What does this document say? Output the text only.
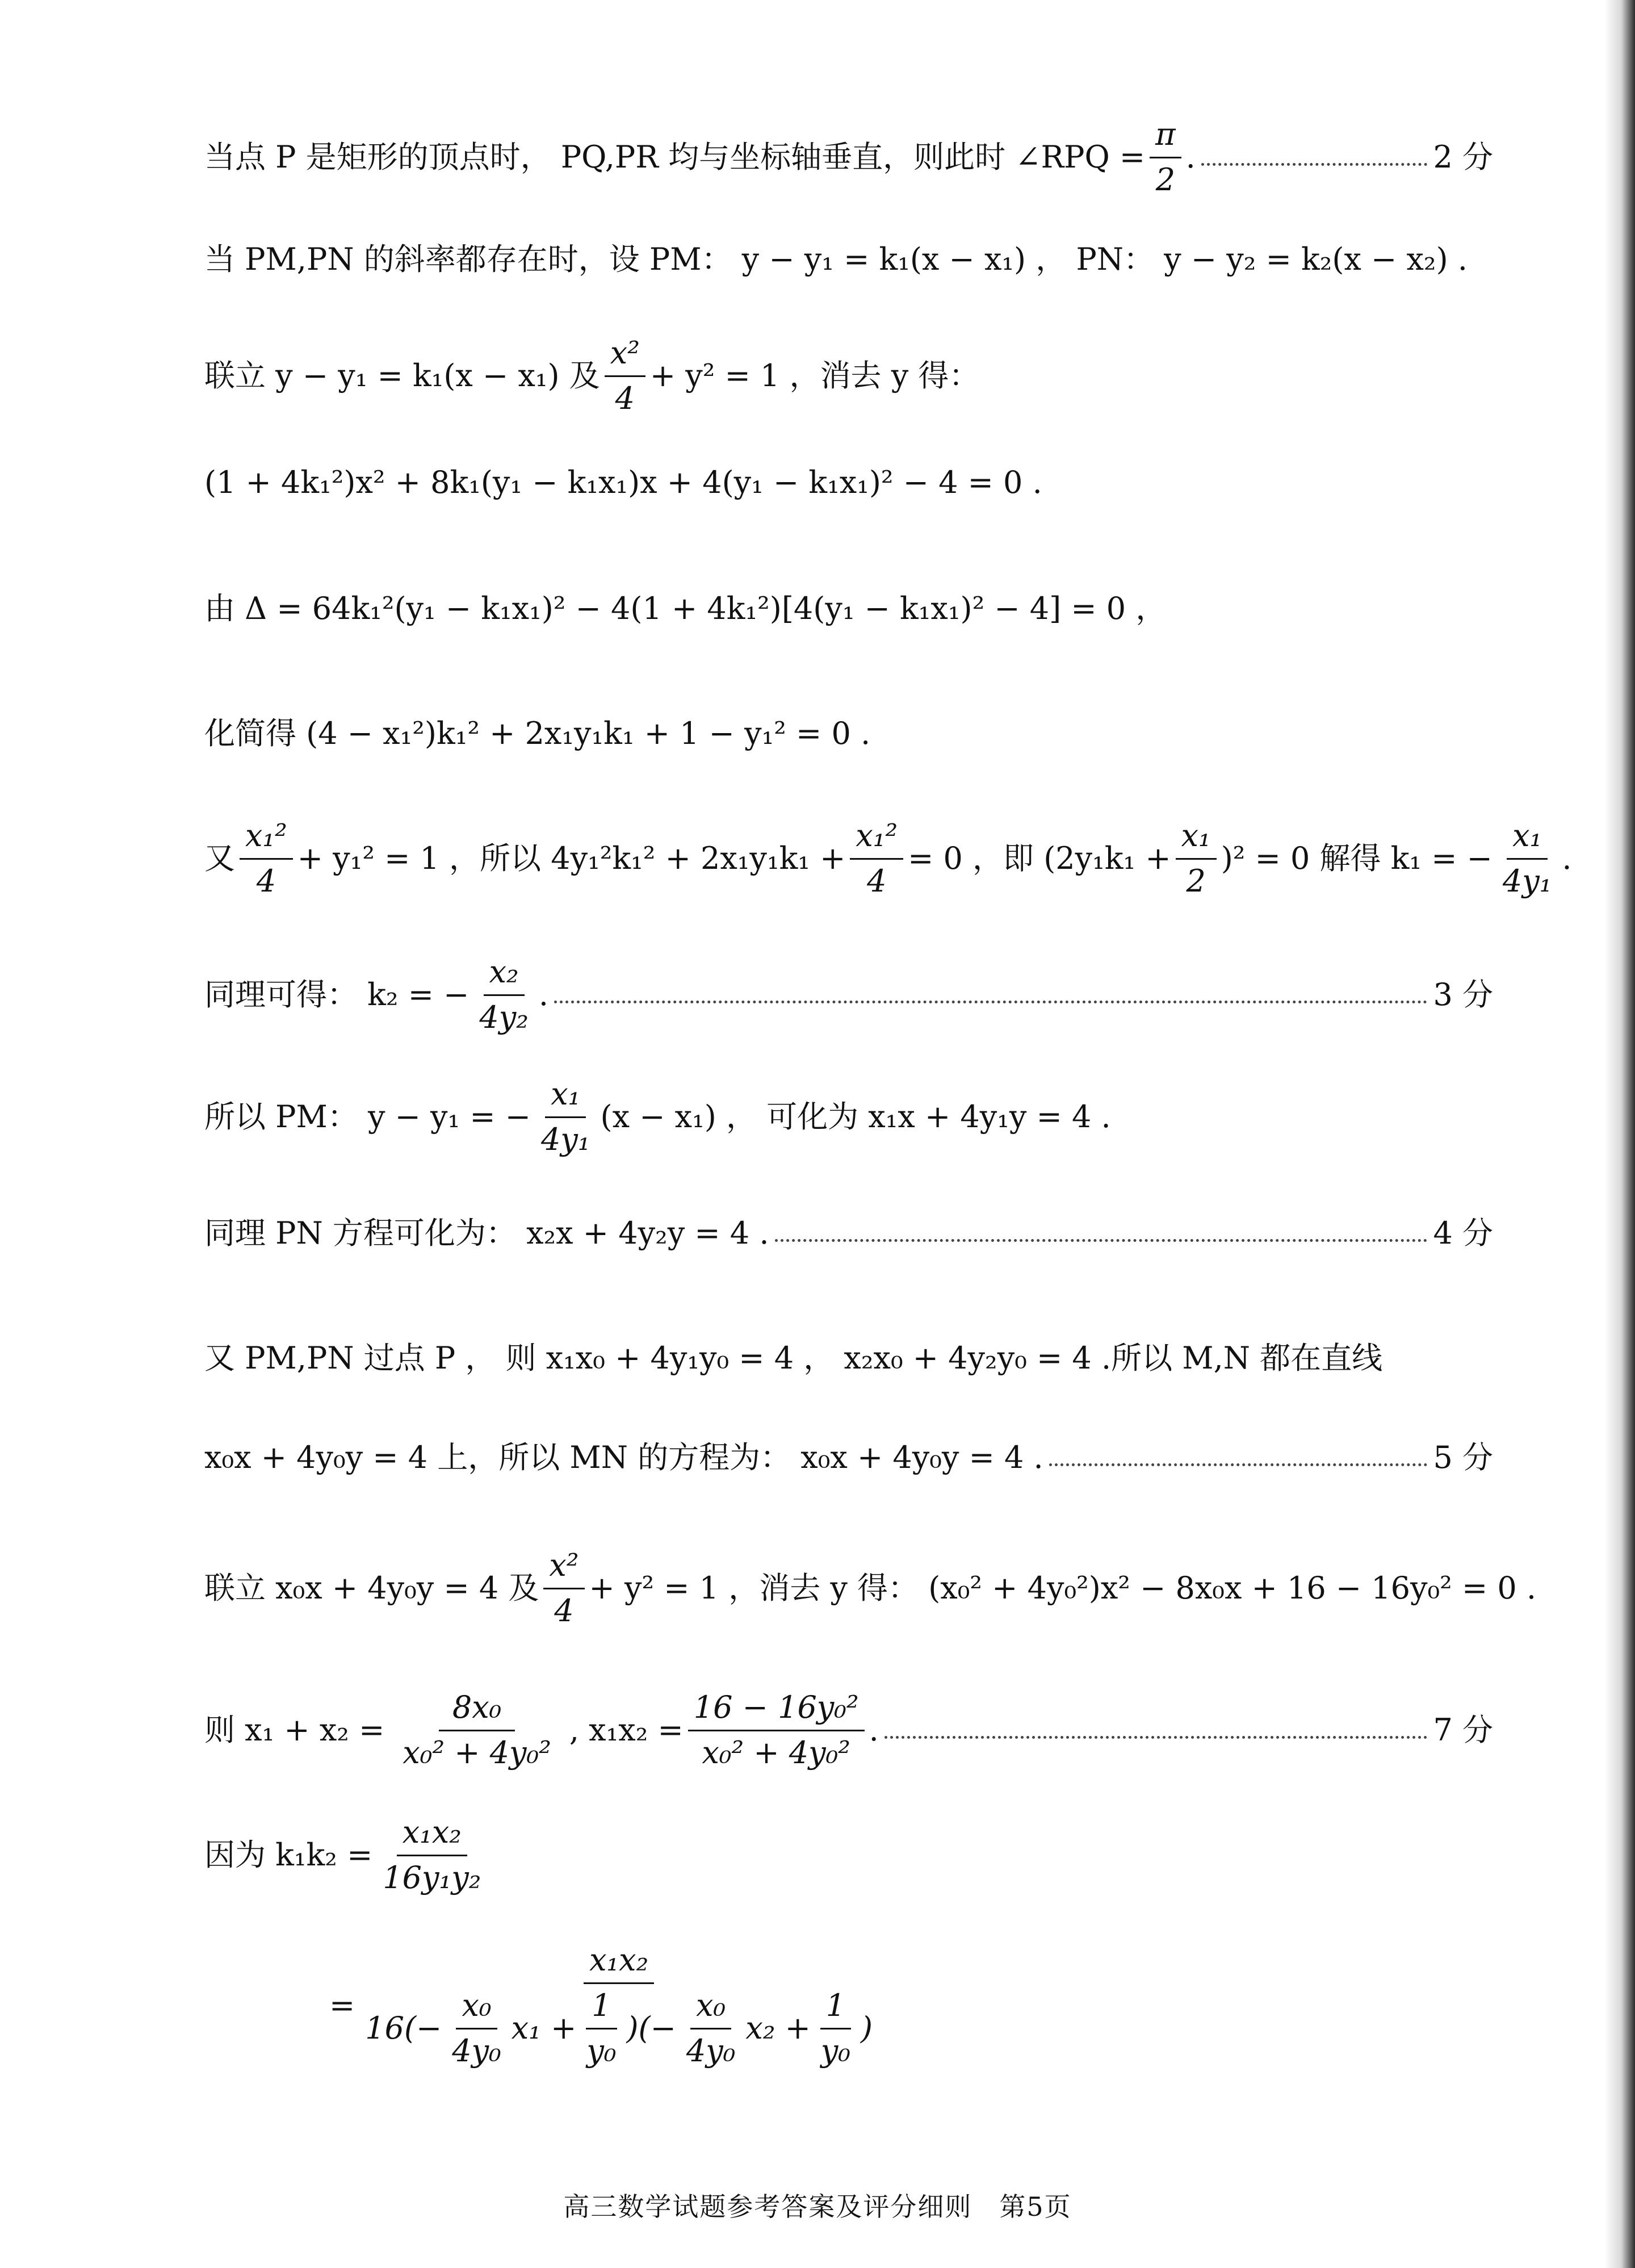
当点 P 是矩形的顶点时， PQ,PR 均与坐标轴垂直，则此时 ∠RPQ = $\frac{\pi}{2}$ .	2 分
当 PM,PN 的斜率都存在时，设 PM： y − y₁ = k₁(x − x₁) ， PN： y − y₂ = k₂(x − x₂) .
联立 y − y₁ = k₁(x − x₁) 及 $\frac{\text{x²}}{4} + y^2 = 1$ ，消去 y 得：
(1 + 4k₁²)x² + 8k₁(y₁ − k₁x₁)x + 4(y₁ − k₁x₁)² − 4 = 0 .
由 Δ = 64k₁²(y₁ − k₁x₁)² − 4(1 + 4k₁²)[4(y₁ − k₁x₁)² − 4] = 0 ，
化简得 (4 − x₁²)k₁² + 2x₁y₁k₁ + 1 − y₁² = 0 .
又 $\frac{\text{x₁²}}{4} + y_1^2 = 1$ ，所以 $4y_1^2k_1^2 + 2x_1y_1k_1 + \frac{\text{x₁²}}{4} = 0$ ，即 $(2y_1k_1 + \frac{\text{x₁}}{2} )^2 = 0$ 解得 k₁ = − $\frac{\text{x₁}}{\text{4y₁}}$ .
同理可得： k₂ = − $\frac{\text{x₂}}{\text{4y₂}}$ .	3 分
所以 PM： y − y₁ = − $\frac{\text{x₁}}{\text{4y₁}} (x - x_1)$ ， 可化为 x₁x + 4y₁y = 4 .
同理 PN 方程可化为： x₂x + 4y₂y = 4 .	4 分
又 PM,PN 过点 P ， 则 x₁x₀ + 4y₁y₀ = 4 ， x₂x₀ + 4y₂y₀ = 4 .所以 M,N 都在直线
x₀x + 4y₀y = 4 上，所以 MN 的方程为： x₀x + 4y₀y = 4 .	5 分
联立 x₀x + 4y₀y = 4 及 $\frac{\text{x²}}{4} + y^2 = 1$ ，消去 y 得： (x₀² + 4y₀²)x² − 8x₀x + 16 − 16y₀² = 0 .
则 $x_1 + x_2 = \frac{\text{8x₀}}{\text{x₀² + 4y₀²}}$ , $x_1x_2 = \frac{\text{16 − 16y₀²}}{\text{x₀² + 4y₀²}}$ .	7 分
因为 $k_1k_2 = \frac{\text{x₁x₂}}{\text{16y₁y₂}}$
=
x₁x₂
$16(- \frac{\text{x₀}}{\text{4y₀}} x_1 + \frac{1}{\text{y₀}}$ )(− $\frac{\text{x₀}}{\text{4y₀}} x_2 + \frac{1}{\text{y₀}}$ )
高三数学试题参考答案及评分细则　第5页
